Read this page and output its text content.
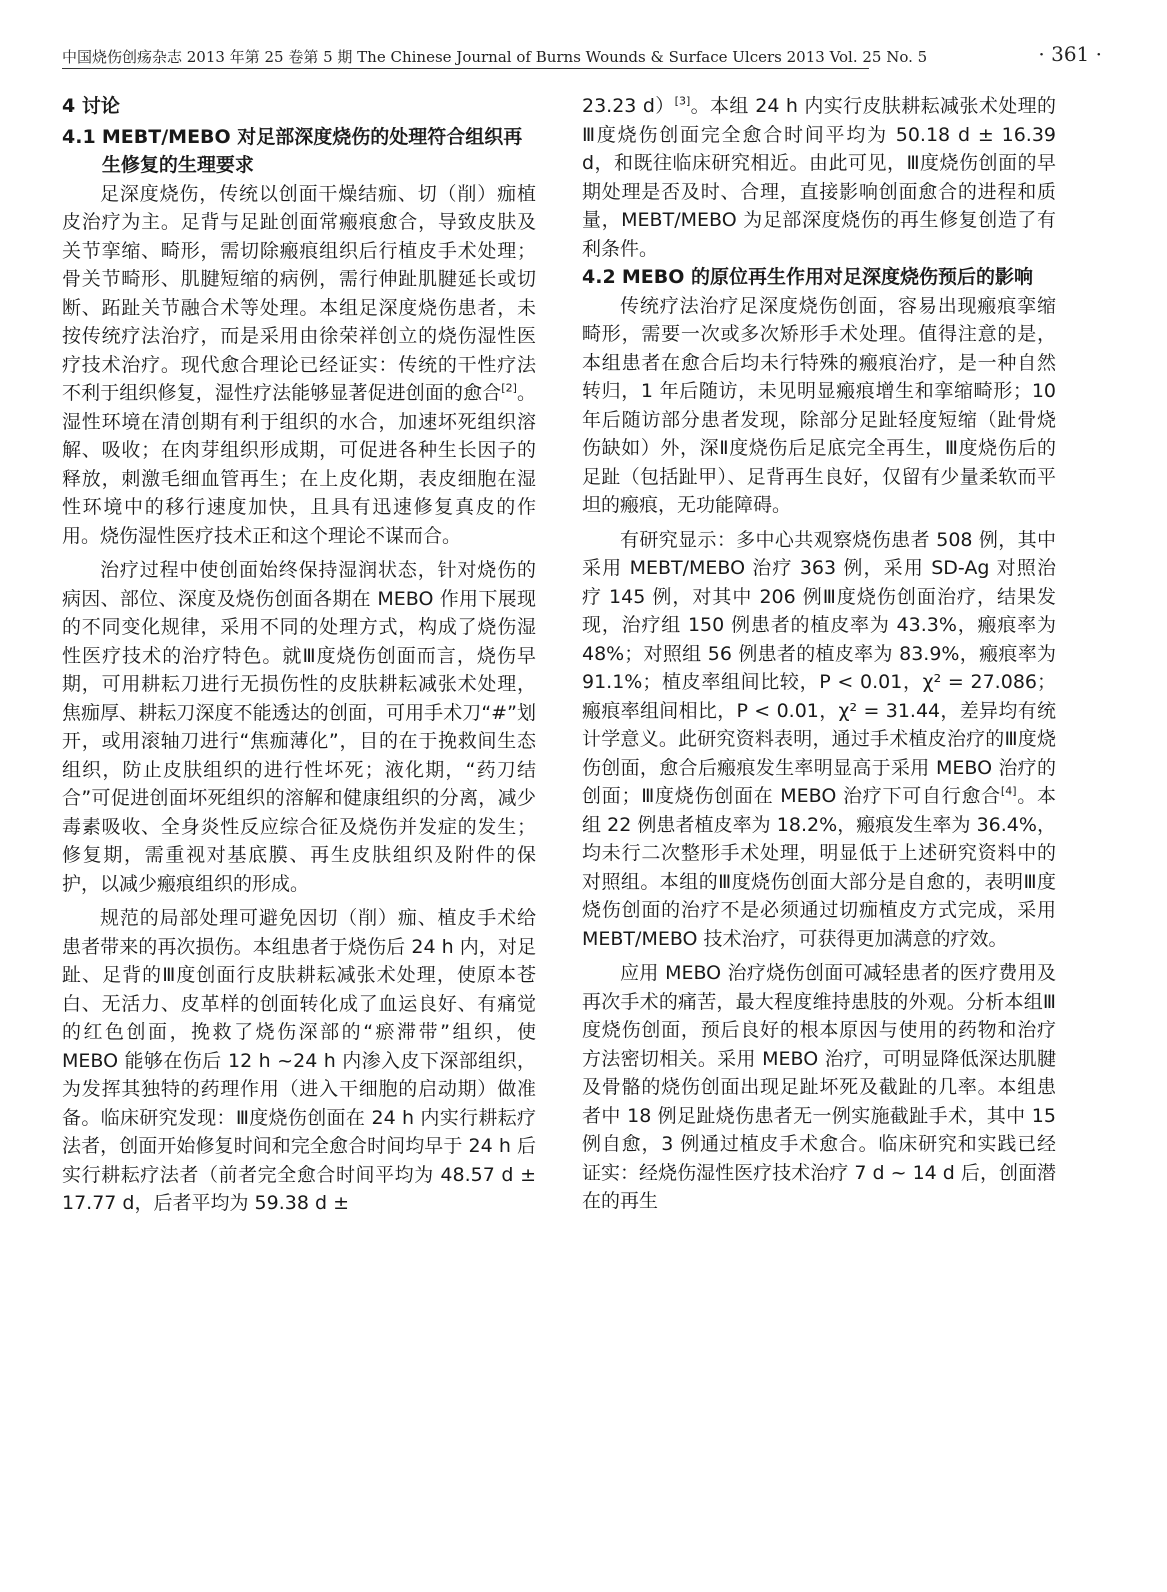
中国烧伤创疡杂志 2013 年第 25 卷第 5 期 The Chinese Journal of Burns Wounds & Surface Ulcers 2013 Vol. 25 No. 5	· 361 ·
4 讨论
4.1 MEBT/MEBO 对足部深度烧伤的处理符合组织再生修复的生理要求

足深度烧伤，传统以创面干燥结痂、切（削）痂植皮治疗为主。足背与足趾创面常瘢痕愈合，导致皮肤及关节挛缩、畸形，需切除瘢痕组织后行植皮手术处理；骨关节畸形、肌腱短缩的病例，需行伸趾肌腱延长或切断、跖趾关节融合术等处理。本组足深度烧伤患者，未按传统疗法治疗，而是采用由徐荣祥创立的烧伤湿性医疗技术治疗。现代愈合理论已经证实：传统的干性疗法不利于组织修复，湿性疗法能够显著促进创面的愈合[2]。湿性环境在清创期有利于组织的水合，加速坏死组织溶解、吸收；在肉芽组织形成期，可促进各种生长因子的释放，刺激毛细血管再生；在上皮化期，表皮细胞在湿性环境中的移行速度加快，且具有迅速修复真皮的作用。烧伤湿性医疗技术正和这个理论不谋而合。

治疗过程中使创面始终保持湿润状态，针对烧伤的病因、部位、深度及烧伤创面各期在 MEBO 作用下展现的不同变化规律，采用不同的处理方式，构成了烧伤湿性医疗技术的治疗特色。就Ⅲ度烧伤创面而言，烧伤早期，可用耕耘刀进行无损伤性的皮肤耕耘减张术处理，焦痂厚、耕耘刀深度不能透达的创面，可用手术刀“#”划开，或用滚轴刀进行“焦痂薄化”，目的在于挽救间生态组织，防止皮肤组织的进行性坏死；液化期，“药刀结合”可促进创面坏死组织的溶解和健康组织的分离，减少毒素吸收、全身炎性反应综合征及烧伤并发症的发生；修复期，需重视对基底膜、再生皮肤组织及附件的保护，以减少瘢痕组织的形成。

规范的局部处理可避免因切（削）痂、植皮手术给患者带来的再次损伤。本组患者于烧伤后 24 h 内，对足趾、足背的Ⅲ度创面行皮肤耕耘减张术处理，使原本苍白、无活力、皮革样的创面转化成了血运良好、有痛觉的红色创面，挽救了烧伤深部的“瘀滞带”组织，使 MEBO 能够在伤后 12 h ~24 h 内渗入皮下深部组织，为发挥其独特的药理作用（进入干细胞的启动期）做准备。临床研究发现：Ⅲ度烧伤创面在 24 h 内实行耕耘疗法者，创面开始修复时间和完全愈合时间均早于 24 h 后实行耕耘疗法者（前者完全愈合时间平均为 48.57 d ± 17.77 d，后者平均为 59.38 d ±

23.23 d）[3]。本组 24 h 内实行皮肤耕耘减张术处理的Ⅲ度烧伤创面完全愈合时间平均为 50.18 d ± 16.39 d，和既往临床研究相近。由此可见，Ⅲ度烧伤创面的早期处理是否及时、合理，直接影响创面愈合的进程和质量，MEBT/MEBO 为足部深度烧伤的再生修复创造了有利条件。

4.2 MEBO 的原位再生作用对足深度烧伤预后的影响

传统疗法治疗足深度烧伤创面，容易出现瘢痕挛缩畸形，需要一次或多次矫形手术处理。值得注意的是，本组患者在愈合后均未行特殊的瘢痕治疗，是一种自然转归，1 年后随访，未见明显瘢痕增生和挛缩畸形；10 年后随访部分患者发现，除部分足趾轻度短缩（趾骨烧伤缺如）外，深Ⅱ度烧伤后足底完全再生，Ⅲ度烧伤后的足趾（包括趾甲）、足背再生良好，仅留有少量柔软而平坦的瘢痕，无功能障碍。

有研究显示：多中心共观察烧伤患者 508 例，其中采用 MEBT/MEBO 治疗 363 例，采用 SD-Ag 对照治疗 145 例，对其中 206 例Ⅲ度烧伤创面治疗，结果发现，治疗组 150 例患者的植皮率为 43.3%，瘢痕率为 48%；对照组 56 例患者的植皮率为 83.9%，瘢痕率为 91.1%；植皮率组间比较，P < 0.01，χ² = 27.086；瘢痕率组间相比，P < 0.01，χ² = 31.44，差异均有统计学意义。此研究资料表明，通过手术植皮治疗的Ⅲ度烧伤创面，愈合后瘢痕发生率明显高于采用 MEBO 治疗的创面；Ⅲ度烧伤创面在 MEBO 治疗下可自行愈合[4]。本组 22 例患者植皮率为 18.2%，瘢痕发生率为 36.4%，均未行二次整形手术处理，明显低于上述研究资料中的对照组。本组的Ⅲ度烧伤创面大部分是自愈的，表明Ⅲ度烧伤创面的治疗不是必须通过切痂植皮方式完成，采用 MEBT/MEBO 技术治疗，可获得更加满意的疗效。

应用 MEBO 治疗烧伤创面可减轻患者的医疗费用及再次手术的痛苦，最大程度维持患肢的外观。分析本组Ⅲ度烧伤创面，预后良好的根本原因与使用的药物和治疗方法密切相关。采用 MEBO 治疗，可明显降低深达肌腱及骨骼的烧伤创面出现足趾坏死及截趾的几率。本组患者中 18 例足趾烧伤患者无一例实施截趾手术，其中 15 例自愈，3 例通过植皮手术愈合。临床研究和实践已经证实：经烧伤湿性医疗技术治疗 7 d ~ 14 d 后，创面潜在的再生
